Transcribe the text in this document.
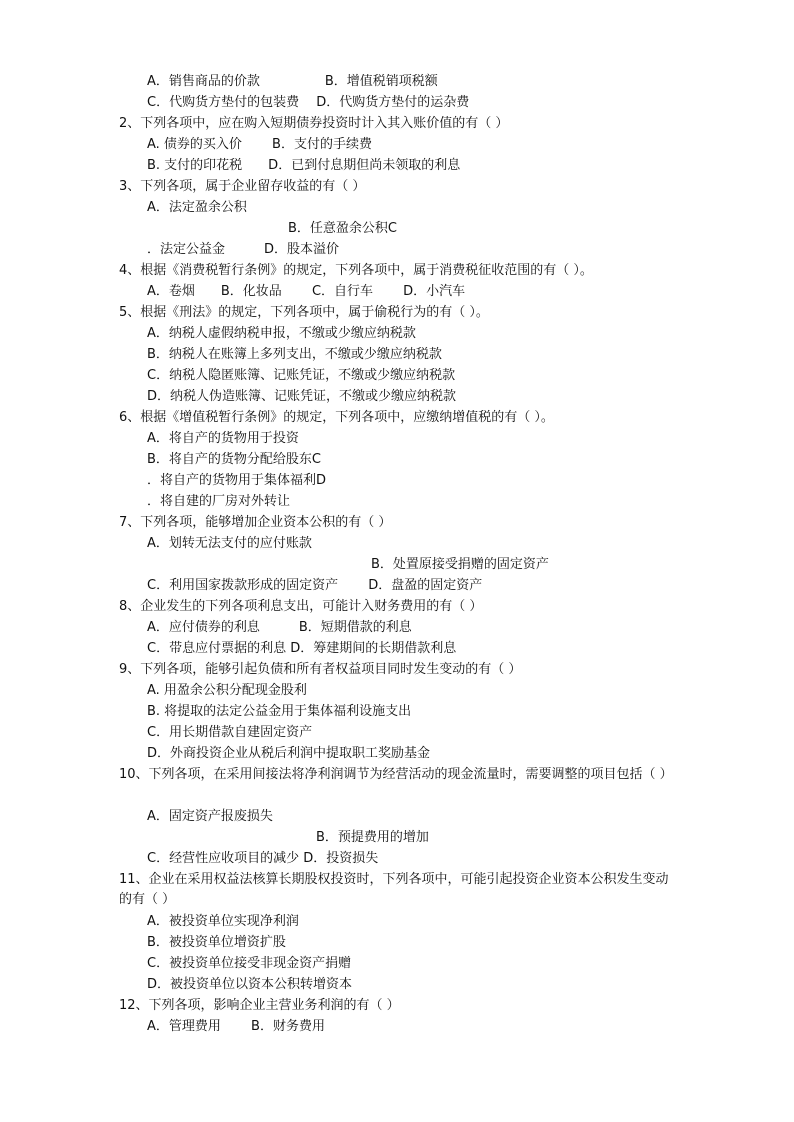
A．销售商品的价款　　　　　B．增值税销项税额
C．代购货方垫付的包装费　 D．代购货方垫付的运杂费
2、下列各项中，应在购入短期债券投资时计入其入账价值的有（ ）
A. 债券的买入价　　 B．支付的手续费
B. 支付的印花税　　D．已到付息期但尚未领取的利息
3、下列各项，属于企业留存收益的有（ ）
A．法定盈余公积
B．任意盈余公积C
．法定公益金　　　D．股本溢价
4、根据《消费税暂行条例》的规定，下列各项中，属于消费税征收范围的有（ ）。
A．卷烟　　B．化妆品　　 C．自行车　　 D．小汽车
5、根据《刑法》的规定，下列各项中，属于偷税行为的有（ ）。
A．纳税人虚假纳税申报，不缴或少缴应纳税款
B．纳税人在账簿上多列支出，不缴或少缴应纳税款
C．纳税人隐匿账簿、记账凭证，不缴或少缴应纳税款
D．纳税人伪造账簿、记账凭证，不缴或少缴应纳税款
6、根据《增值税暂行条例》的规定，下列各项中，应缴纳增值税的有（ ）。
A．将自产的货物用于投资
B．将自产的货物分配给股东C
．将自产的货物用于集体福利D
．将自建的厂房对外转让
7、下列各项，能够增加企业资本公积的有（ ）
A．划转无法支付的应付账款
B．处置原接受捐赠的固定资产
C．利用国家拨款形成的固定资产　　 D．盘盈的固定资产
8、企业发生的下列各项利息支出，可能计入财务费用的有（ ）
A．应付债券的利息　　　B．短期借款的利息
C．带息应付票据的利息 D．筹建期间的长期借款利息
9、下列各项，能够引起负债和所有者权益项目同时发生变动的有（ ）
A. 用盈余公积分配现金股利
B. 将提取的法定公益金用于集体福利设施支出
C．用长期借款自建固定资产
D．外商投资企业从税后利润中提取职工奖励基金
10、下列各项，在采用间接法将净利润调节为经营活动的现金流量时，需要调整的项目包括（ ）
A．固定资产报废损失
B．预提费用的增加
C．经营性应收项目的减少 D．投资损失
11、企业在采用权益法核算长期股权投资时，下列各项中，可能引起投资企业资本公积发生变动的有（ ）
A．被投资单位实现净利润
B．被投资单位增资扩股
C．被投资单位接受非现金资产捐赠
D．被投资单位以资本公积转增资本
12、下列各项，影响企业主营业务利润的有（ ）
A．管理费用　　 B．财务费用
